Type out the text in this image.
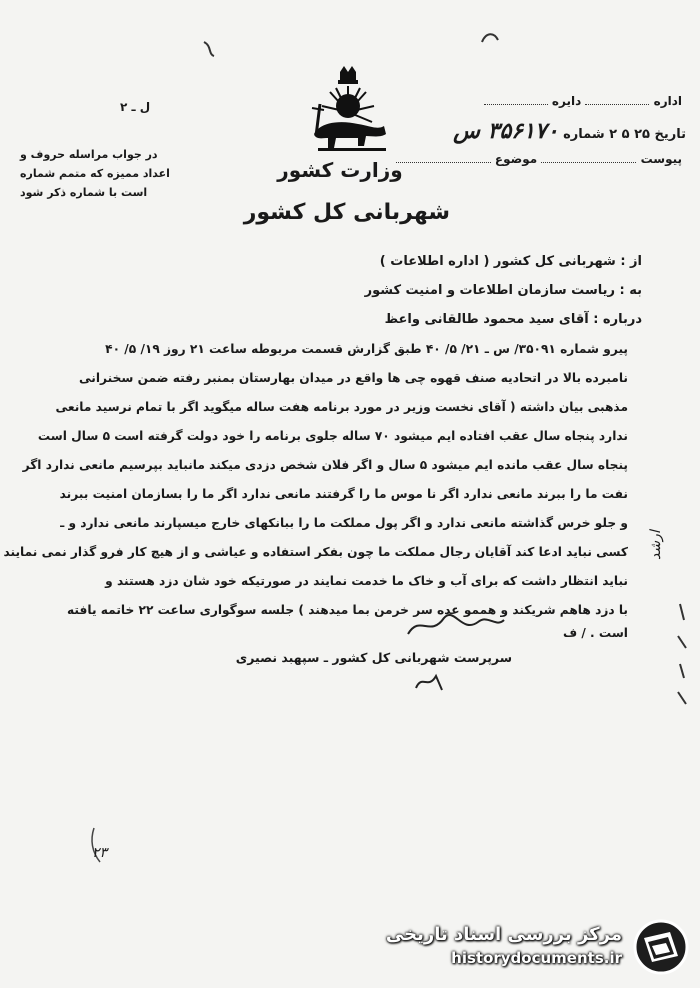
اداره  دایره
تاریخ ۲۵ ۵ ۲ شماره ۳۵۶۱۷۰ س
پیوست  موضوع
وزارت کشور
شهربانی کل کشور
ل ـ ۲
در جواب مراسله حروف و
اعداد ممیزه که متمم شماره
است با شماره ذکر شود
از : شهربانی کل کشور ( اداره اطلاعات )
به : ریاست سازمان اطلاعات و امنیت کشور
درباره : آقای سید محمود طالقانی واعظ
پیرو شماره ۳۵۰۹۱/ س ـ ۲۱/ ۵/ ۴۰ طبق گزارش قسمت مربوطه ساعت ۲۱ روز ۱۹/ ۵/ ۴۰
نامبرده بالا در اتحادیه صنف قهوه چی ها واقع در میدان بهارستان بمنبر رفته ضمن سخنرانی
مذهبی بیان داشته ( آقای نخست وزیر در مورد برنامه هفت ساله میگوید اگر با تمام نرسید مانعی
ندارد پنجاه سال عقب افتاده ایم میشود ۷۰ ساله جلوی برنامه را خود دولت گرفته است ۵ سال است
پنجاه سال عقب مانده ایم میشود ۵ سال و اگر فلان شخص دزدی میکند مانباید بپرسیم مانعی ندارد اگر
نفت ما را ببرند مانعی ندارد اگر نا موس ما را گرفتند مانعی ندارد اگر ما را بسازمان امنیت ببرند
و جلو خرس گذاشته مانعی ندارد و اگر پول مملکت ما را ببانکهای خارج میسپارند مانعی ندارد و ـ
کسی نباید ادعا کند آقایان رجال مملکت ما چون بفکر استفاده و عیاشی و از هیچ کار فرو گذار نمی نمایند
نباید انتظار داشت که برای آب و خاک ما خدمت نمایند در صورتیکه خود شان دزد هستند و
با دزد هاهم شریکند و هممو عده سر خرمن بما میدهند ) جلسه سوگواری ساعت ۲۲ خاتمه یافته
است . / ف
سرپرست شهربانی کل کشور ـ سپهبد نصیری
ارشد
۲۳
مرکز بررسی اسناد تاریخی
historydocuments.ir
